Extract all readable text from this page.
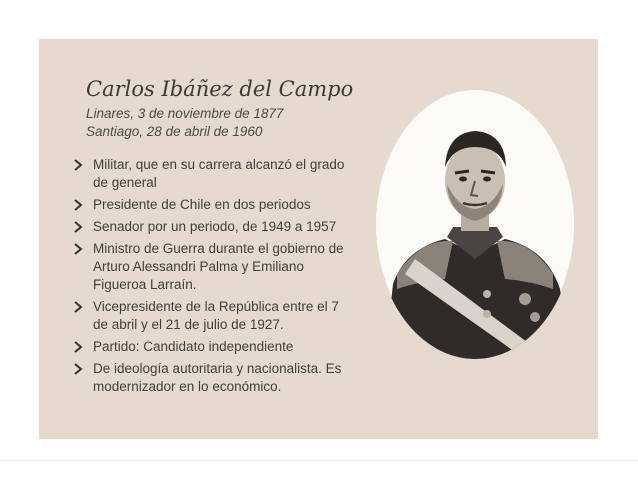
Carlos Ibáñez del Campo
Linares, 3 de noviembre de 1877
Santiago, 28 de abril de 1960
Militar, que en su carrera alcanzó el grado de general
Presidente de Chile en dos periodos
Senador por un periodo, de 1949 a 1957
Ministro de Guerra durante el gobierno de Arturo Alessandri Palma y Emiliano Figueroa Larraín.
Vicepresidente de la República entre el 7 de abril y el 21 de julio de 1927.
Partido: Candidato independiente
De ideología autoritaria y nacionalista. Es modernizador en lo económico.
